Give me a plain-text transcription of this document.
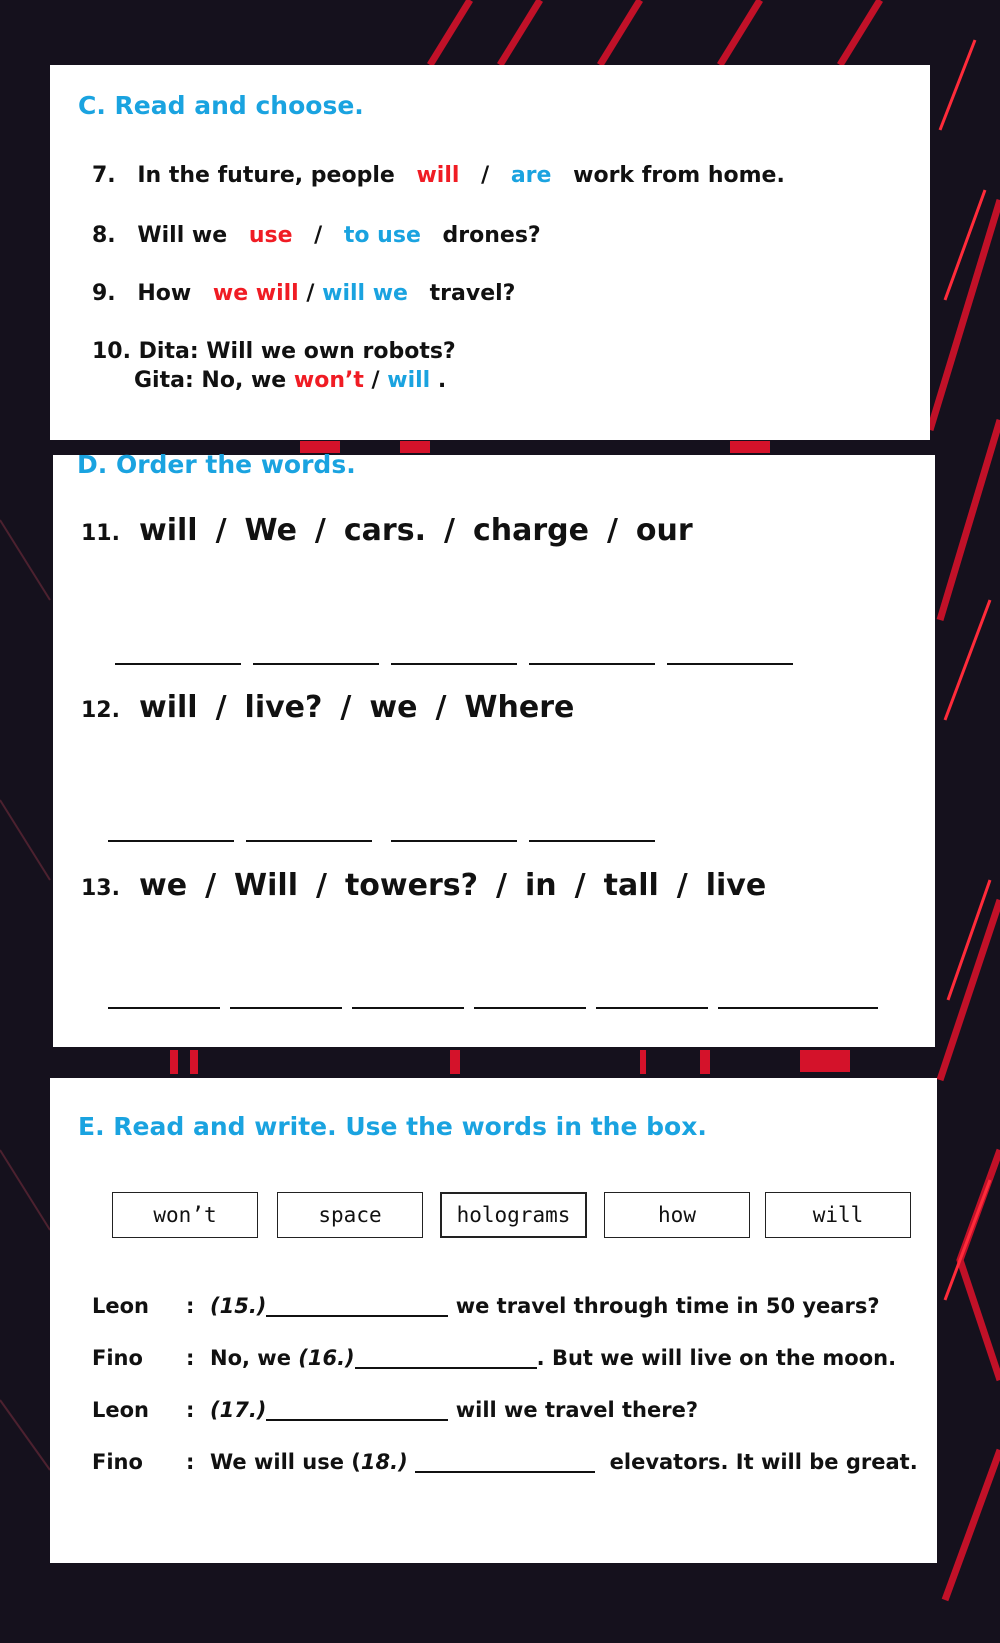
C. Read and choose.
7. In the future, people will / are work from home.
8. Will we use / to use drones?
9. How we will / will we travel?
10. Dita: Will we own robots?
Gita: No, we won’t / will .
D. Order the words.
11. will / We / cars. / charge / our
12. will / live? / we / Where
13. we / Will / towers? / in / tall / live
E. Read and write. Use the words in the box.
won’t	space	holograms	how	will
Leon : (15.)	we travel through time in 50 years?
Fino : No, we (16.)	. But we will live on the moon.
Leon : (17.)	will we travel there?
Fino : We will use (18.)	elevators. It will be great.
